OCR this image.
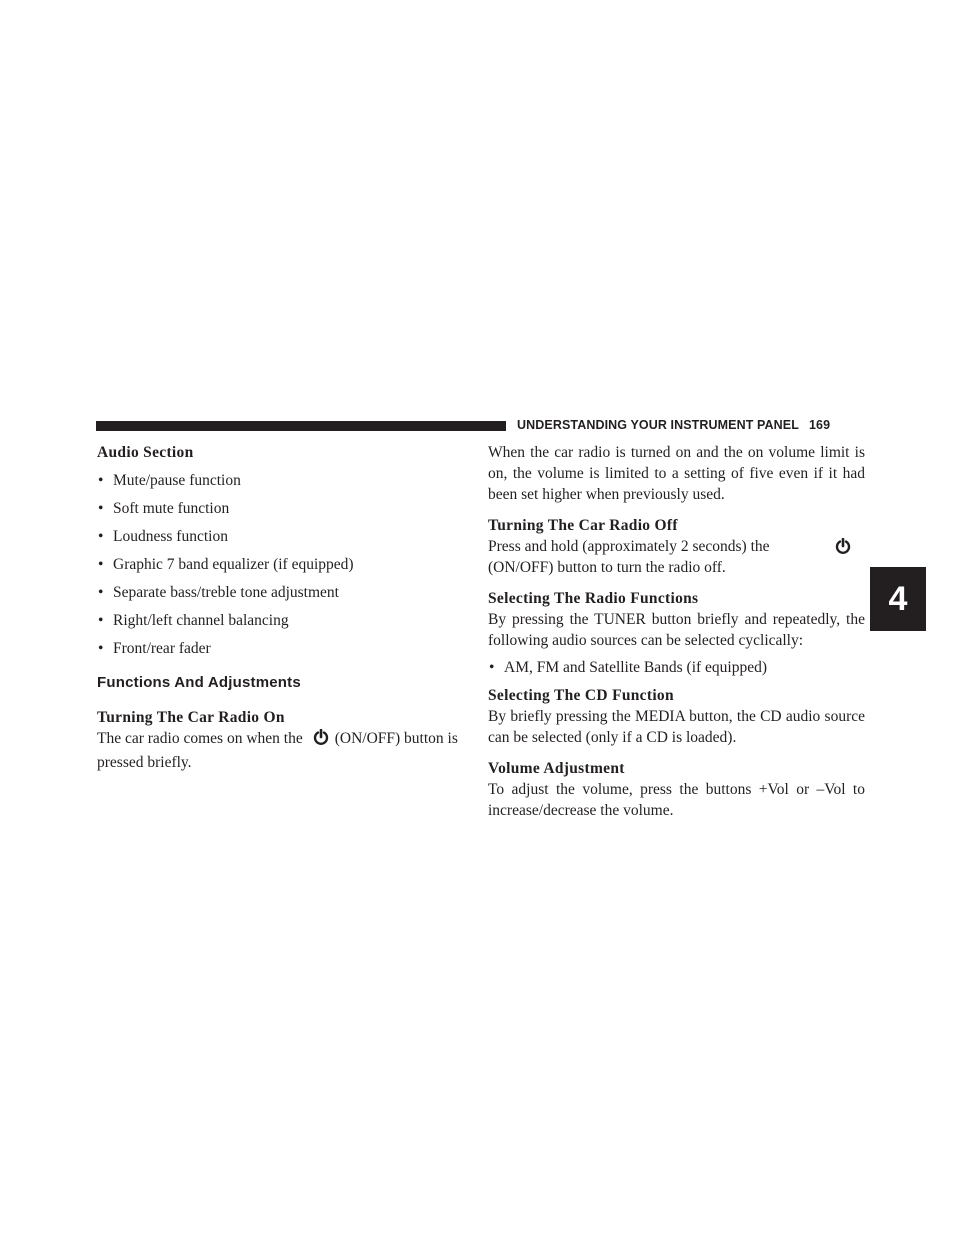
UNDERSTANDING YOUR INSTRUMENT PANEL 169
4
Audio Section
• Mute/pause function
• Soft mute function
• Loudness function
• Graphic 7 band equalizer (if equipped)
• Separate bass/treble tone adjustment
• Right/left channel balancing
• Front/rear fader
Functions And Adjustments
Turning The Car Radio On

The car radio comes on when the (ON/OFF) button is pressed briefly.

When the car radio is turned on and the on volume limit is on, the volume is limited to a setting of five even if it had been set higher when previously used.

Turning The Car Radio Off

Press and hold (approximately 2 seconds) the
(ON/OFF) button to turn the radio off.

Selecting The Radio Functions

By pressing the TUNER button briefly and repeatedly, the following audio sources can be selected cyclically:

• AM, FM and Satellite Bands (if equipped)
Selecting The CD Function

By briefly pressing the MEDIA button, the CD audio source can be selected (only if a CD is loaded).

Volume Adjustment

To adjust the volume, press the buttons +Vol or –Vol to increase/decrease the volume.
